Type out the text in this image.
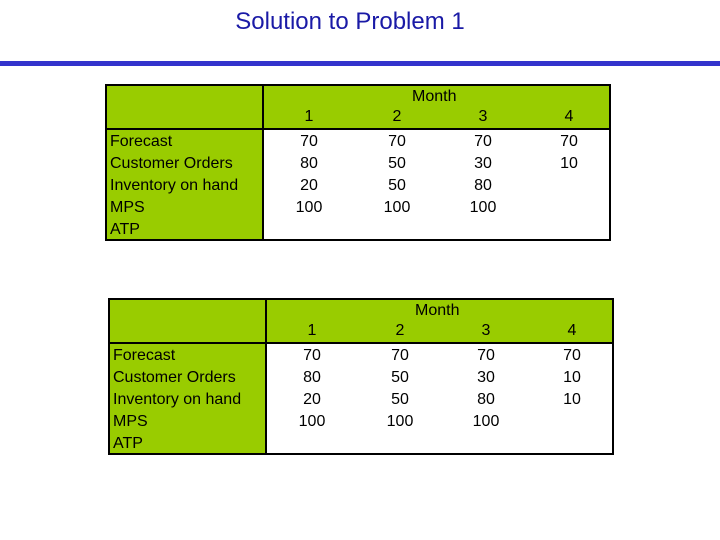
Solution to Problem 1
Month
1	2	3	4
Forecast	70	70	70	70
Customer Orders	80	50	30	10
Inventory on hand	20	50	80
MPS	100	100	100
ATP
Month
1	2	3	4
Forecast	70	70	70	70
Customer Orders	80	50	30	10
Inventory on hand	20	50	80	10
MPS	100	100	100
ATP
